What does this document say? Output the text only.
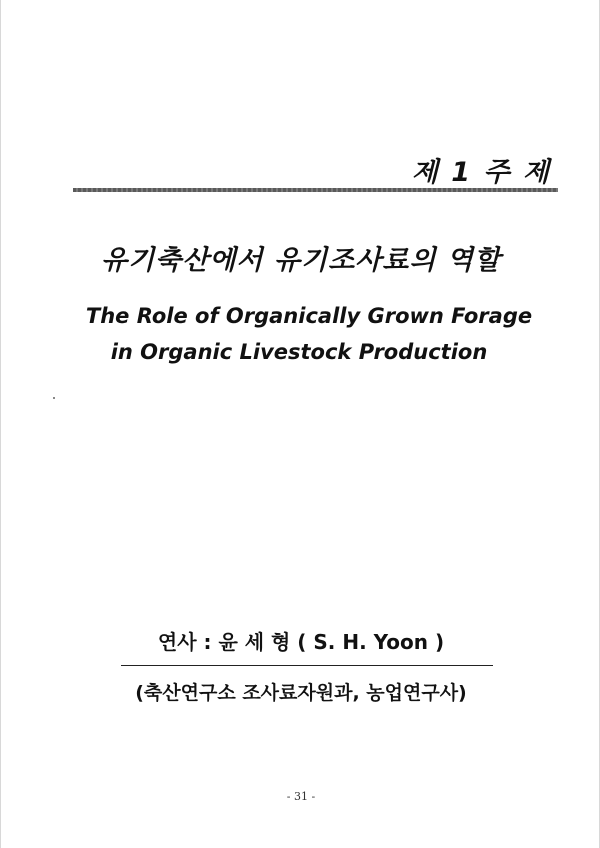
제 1 주 제
유기축산에서 유기조사료의 역할
The Role of Organically Grown Forage
in Organic Livestock Production
연사 : 윤 세 형 ( S. H. Yoon )
(축산연구소 조사료자원과, 농업연구사)
- 31 -
